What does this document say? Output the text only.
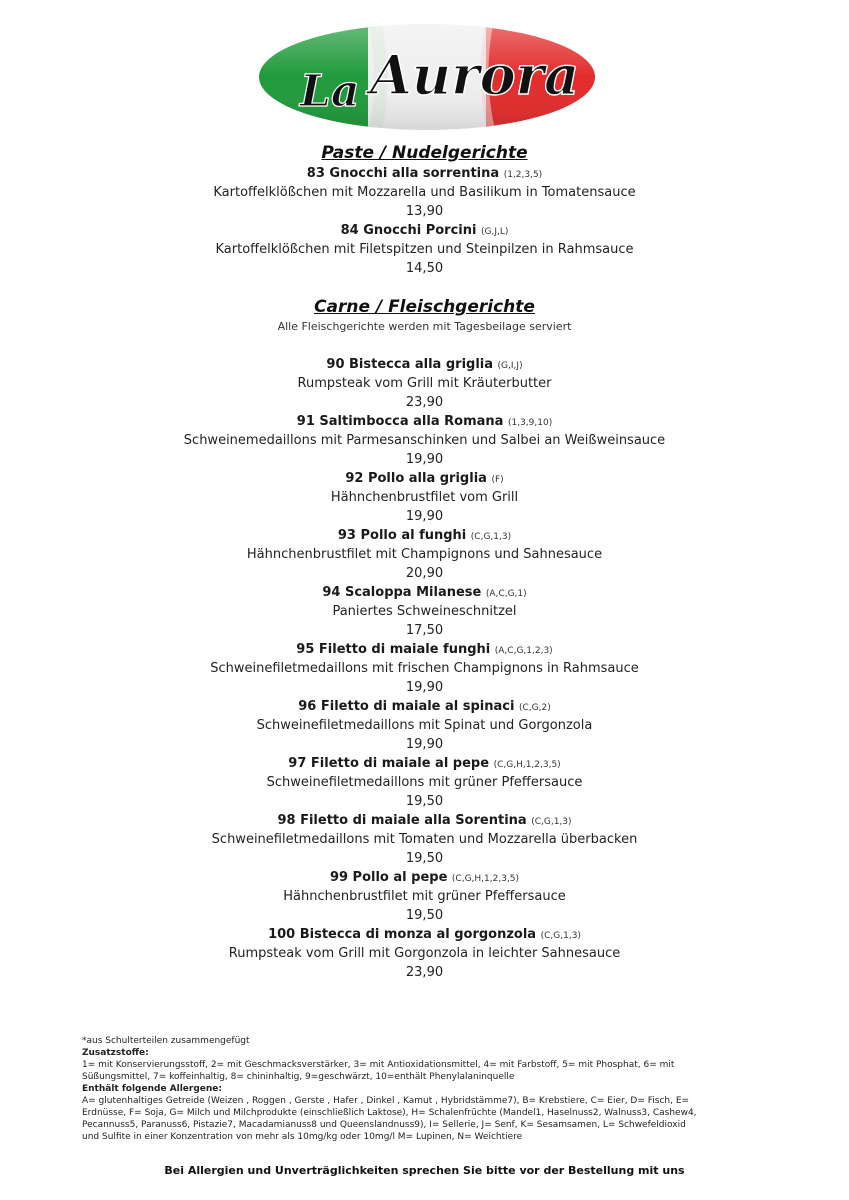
La Aurora
Paste / Nudelgerichte
83 Gnocchi alla sorrentina (1,2,3,5)
Kartoffelklößchen mit Mozzarella und Basilikum in Tomatensauce
13,90
84 Gnocchi Porcini (G,J,L)
Kartoffelklößchen mit Filetspitzen und Steinpilzen in Rahmsauce
14,50
Carne / Fleischgerichte
Alle Fleischgerichte werden mit Tagesbeilage serviert
90 Bistecca alla griglia (G,I,J)
Rumpsteak vom Grill mit Kräuterbutter
23,90
91 Saltimbocca alla Romana (1,3,9,10)
Schweinemedaillons mit Parmesanschinken und Salbei an Weißweinsauce
19,90
92 Pollo alla griglia (F)
Hähnchenbrustfilet vom Grill
19,90
93 Pollo al funghi (C,G,1,3)
Hähnchenbrustfilet mit Champignons und Sahnesauce
20,90
94 Scaloppa Milanese (A,C,G,1)
Paniertes Schweineschnitzel
17,50
95 Filetto di maiale funghi (A,C,G,1,2,3)
Schweinefiletmedaillons mit frischen Champignons in Rahmsauce
19,90
96 Filetto di maiale al spinaci (C,G,2)
Schweinefiletmedaillons mit Spinat und Gorgonzola
19,90
97 Filetto di maiale al pepe (C,G,H,1,2,3,5)
Schweinefiletmedaillons mit grüner Pfeffersauce
19,50
98 Filetto di maiale alla Sorentina (C,G,1,3)
Schweinefiletmedaillons mit Tomaten und Mozzarella überbacken
19,50
99 Pollo al pepe (C,G,H,1,2,3,5)
Hähnchenbrustfilet mit grüner Pfeffersauce
19,50
100 Bistecca di monza al gorgonzola (C,G,1,3)
Rumpsteak vom Grill mit Gorgonzola in leichter Sahnesauce
23,90
*aus Schulterteilen zusammengefügt
Zusatzstoffe:
1= mit Konservierungsstoff, 2= mit Geschmacksverstärker, 3= mit Antioxidationsmittel, 4= mit Farbstoff, 5= mit Phosphat, 6= mit Süßungsmittel, 7= koffeinhaltig, 8= chininhaltig, 9=geschwärzt, 10=enthält Phenylalaninquelle
Enthält folgende Allergene:
A= glutenhaltiges Getreide (Weizen , Roggen , Gerste , Hafer , Dinkel , Kamut , Hybridstämme7), B= Krebstiere, C= Eier, D= Fisch, E= Erdnüsse, F= Soja, G= Milch und Milchprodukte (einschließlich Laktose), H= Schalenfrüchte (Mandel1, Haselnuss2, Walnuss3, Cashew4, Pecannuss5, Paranuss6, Pistazie7, Macadamianuss8 und Queenslandnuss9), I= Sellerie, J= Senf, K= Sesamsamen, L= Schwefeldioxid und Sulfite in einer Konzentration von mehr als 10mg/kg oder 10mg/l M= Lupinen, N= Weichtiere
Bei Allergien und Unverträglichkeiten sprechen Sie bitte vor der Bestellung mit uns
